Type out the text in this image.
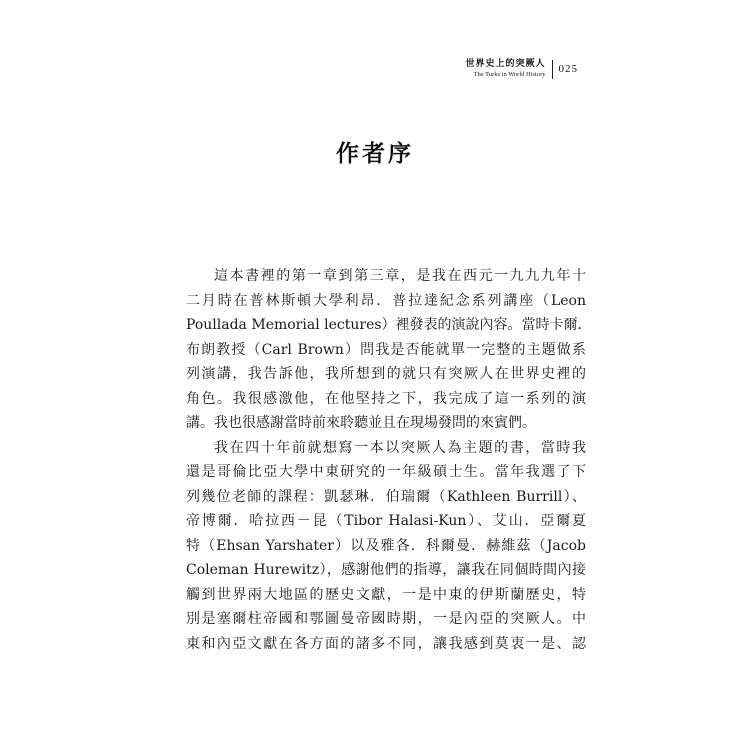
世界史上的突厥人
The Turks in World History	025
作者序
這本書裡的第一章到第三章，是我在西元一九九九年十
二月時在普林斯頓大學利昂．普拉達紀念系列講座（Leon
Poullada Memorial lectures）裡發表的演說內容。當時卡爾．
布朗教授（Carl Brown）問我是否能就單一完整的主題做系
列演講，我告訴他，我所想到的就只有突厥人在世界史裡的
角色。我很感激他，在他堅持之下，我完成了這一系列的演
講。我也很感謝當時前來聆聽並且在現場發問的來賓們。
我在四十年前就想寫一本以突厥人為主題的書，當時我
還是哥倫比亞大學中東研究的一年級碩士生。當年我選了下
列幾位老師的課程：凱瑟琳．伯瑞爾（Kathleen Burrill）、
帝博爾．哈拉西－昆（Tibor Halasi-Kun）、艾山．亞爾夏
特（Ehsan Yarshater）以及雅各．科爾曼．赫維茲（Jacob
Coleman Hurewitz），感謝他們的指導，讓我在同個時間內接
觸到世界兩大地區的歷史文獻，一是中東的伊斯蘭歷史，特
別是塞爾柱帝國和鄂圖曼帝國時期，一是內亞的突厥人。中
東和內亞文獻在各方面的諸多不同，讓我感到莫衷一是、認
